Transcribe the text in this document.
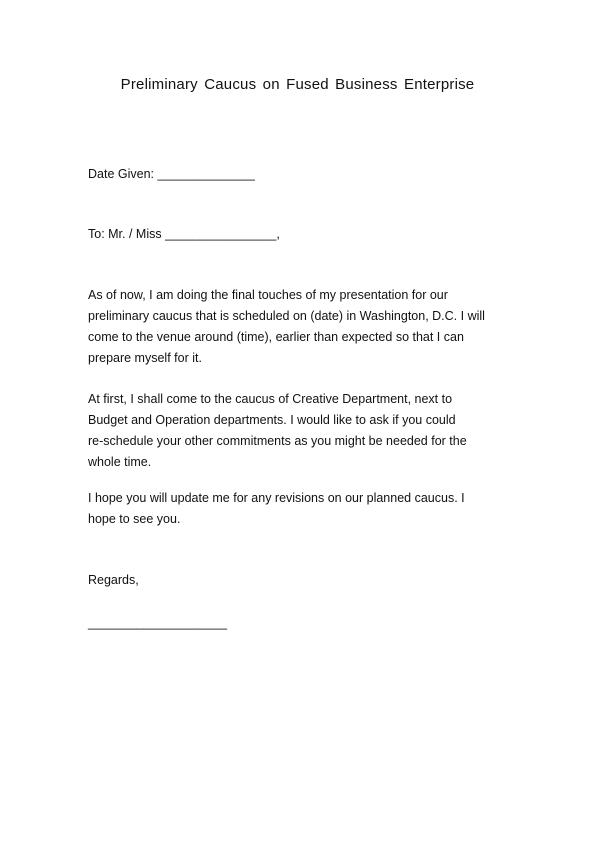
Preliminary Caucus on Fused Business Enterprise
Date Given: ______________
To: Mr. / Miss ________________,
As of now, I am doing the final touches of my presentation for our
preliminary caucus that is scheduled on (date) in Washington, D.C. I will
come to the venue around (time), earlier than expected so that I can
prepare myself for it.
At first, I shall come to the caucus of Creative Department, next to
Budget and Operation departments. I would like to ask if you could
re-schedule your other commitments as you might be needed for the
whole time.
I hope you will update me for any revisions on our planned caucus. I
hope to see you.
Regards,
____________________
